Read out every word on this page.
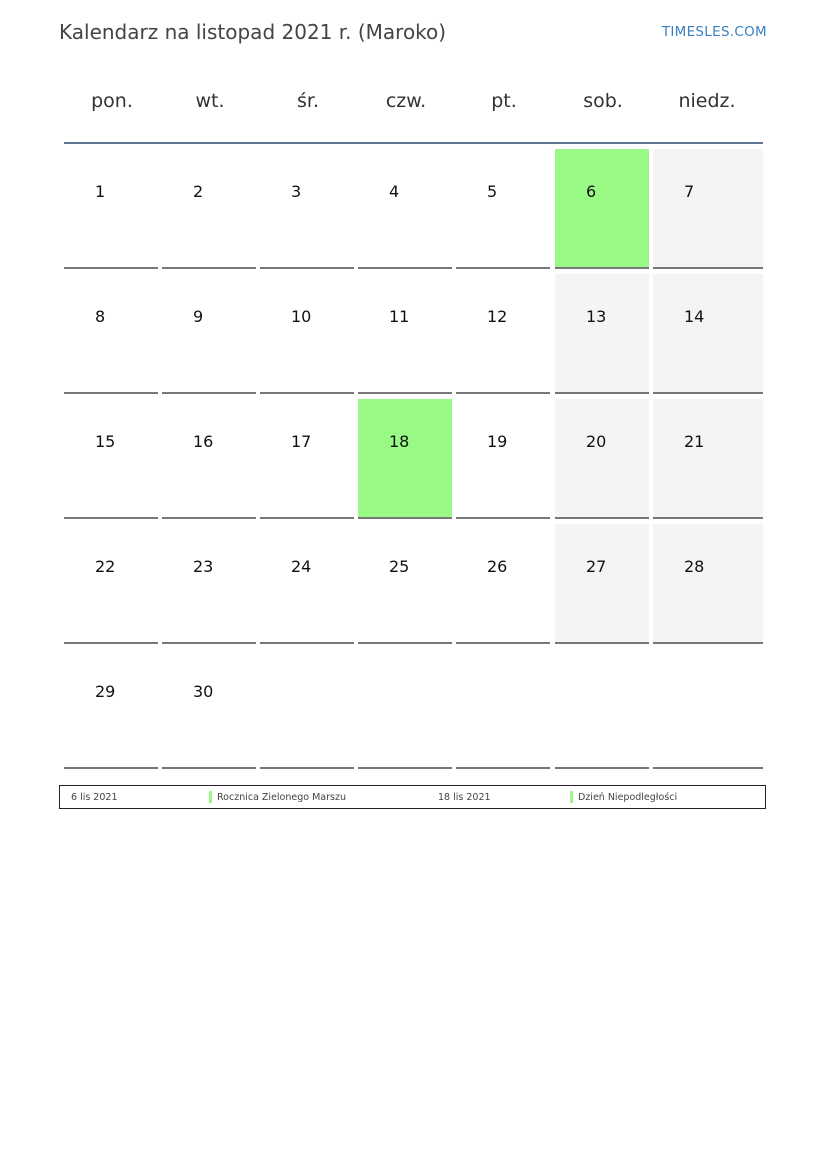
Kalendarz na listopad 2021 r. (Maroko)	TIMESLES.COM
pon.	wt.	śr.	czw.	pt.	sob.	niedz.
1	2	3	4	5	6	7
8	9	10	11	12	13	14
15	16	17	18	19	20	21
22	23	24	25	26	27	28
29	30
6 lis 2021	Rocznica Zielonego Marszu	18 lis 2021	Dzień Niepodległości
